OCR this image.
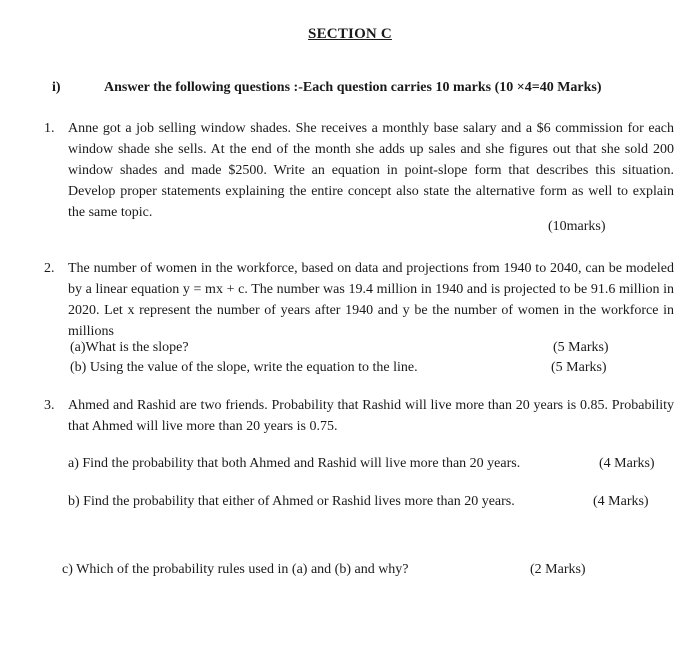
SECTION C
i)	Answer the following questions :-Each question carries 10 marks (10 ×4=40 Marks)
1. Anne got a job selling window shades. She receives a monthly base salary and a $6 commission for each window shade she sells. At the end of the month she adds up sales and she figures out that she sold 200 window shades and made $2500. Write an equation in point-slope form that describes this situation. Develop proper statements explaining the entire concept also state the alternative form as well to explain the same topic.
(10marks)
2. The number of women in the workforce, based on data and projections from 1940 to 2040, can be modeled by a linear equation y = mx + c. The number was 19.4 million in 1940 and is projected to be 91.6 million in 2020. Let x represent the number of years after 1940 and y be the number of women in the workforce in millions
(a)What is the slope?	(5 Marks)
(b) Using the value of the slope, write the equation to the line.	(5 Marks)
3. Ahmed and Rashid are two friends. Probability that Rashid will live more than 20 years is 0.85. Probability that Ahmed will live more than 20 years is 0.75.
a) Find the probability that both Ahmed and Rashid will live more than 20 years.	(4 Marks)
b) Find the probability that either of Ahmed or Rashid lives more than 20 years.	(4 Marks)
c) Which of the probability rules used in (a) and (b) and why?	(2 Marks)
